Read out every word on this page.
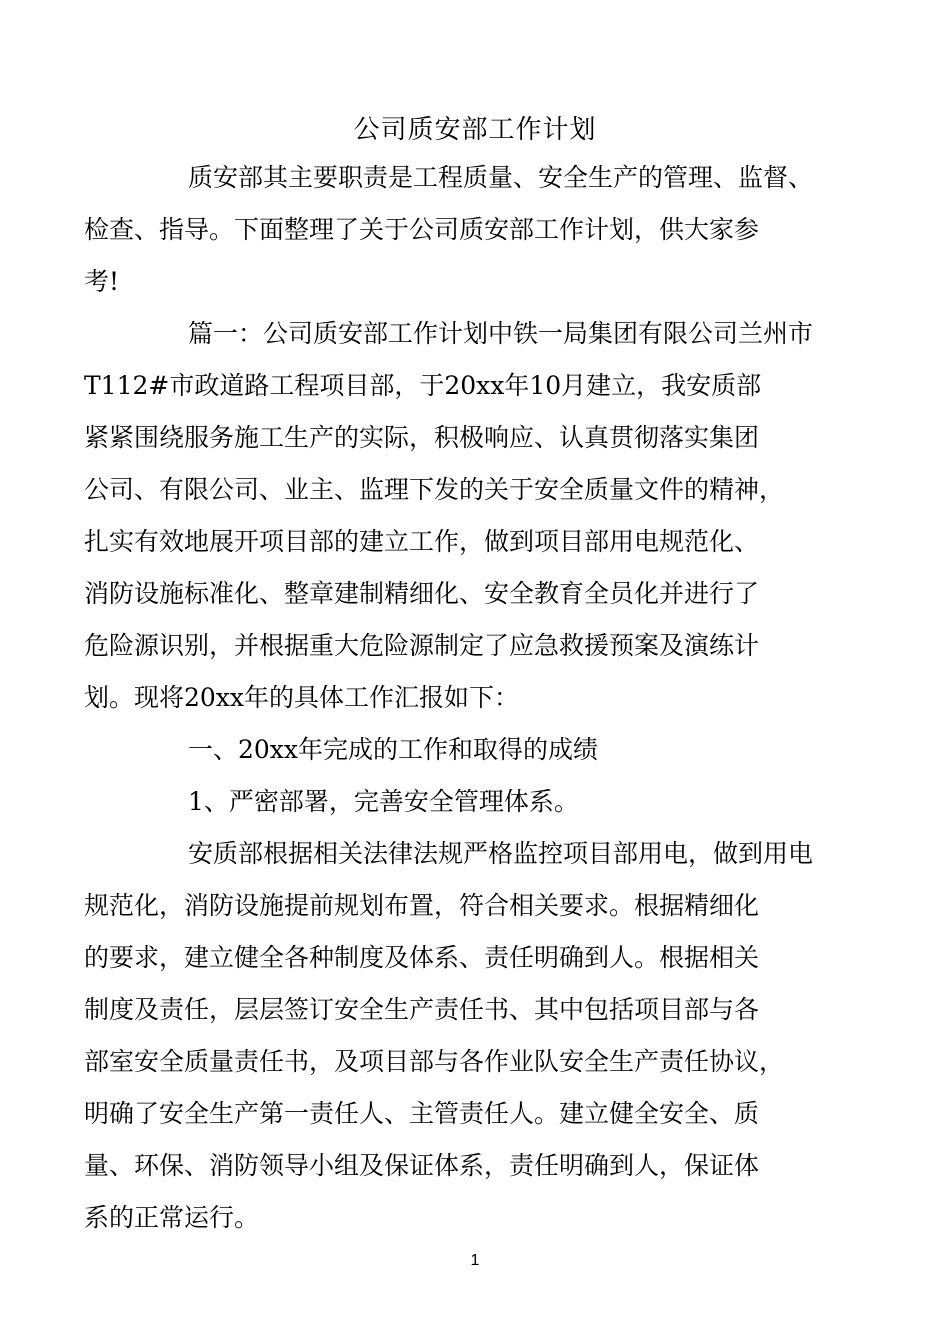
公司质安部工作计划

质安部其主要职责是工程质量、安全生产的管理、监督、
检查、指导。下面整理了关于公司质安部工作计划，供大家参
考!

篇一：公司质安部工作计划中铁一局集团有限公司兰州市
T112#市政道路工程项目部，于20xx年10月建立，我安质部
紧紧围绕服务施工生产的实际，积极响应、认真贯彻落实集团
公司、有限公司、业主、监理下发的关于安全质量文件的精神，
扎实有效地展开项目部的建立工作，做到项目部用电规范化、
消防设施标准化、整章建制精细化、安全教育全员化并进行了
危险源识别，并根据重大危险源制定了应急救援预案及演练计
划。现将20xx年的具体工作汇报如下：

一、20xx年完成的工作和取得的成绩

1、严密部署，完善安全管理体系。

安质部根据相关法律法规严格监控项目部用电，做到用电
规范化，消防设施提前规划布置，符合相关要求。根据精细化
的要求，建立健全各种制度及体系、责任明确到人。根据相关
制度及责任，层层签订安全生产责任书、其中包括项目部与各
部室安全质量责任书，及项目部与各作业队安全生产责任协议，
明确了安全生产第一责任人、主管责任人。建立健全安全、质
量、环保、消防领导小组及保证体系，责任明确到人，保证体
系的正常运行。

1
